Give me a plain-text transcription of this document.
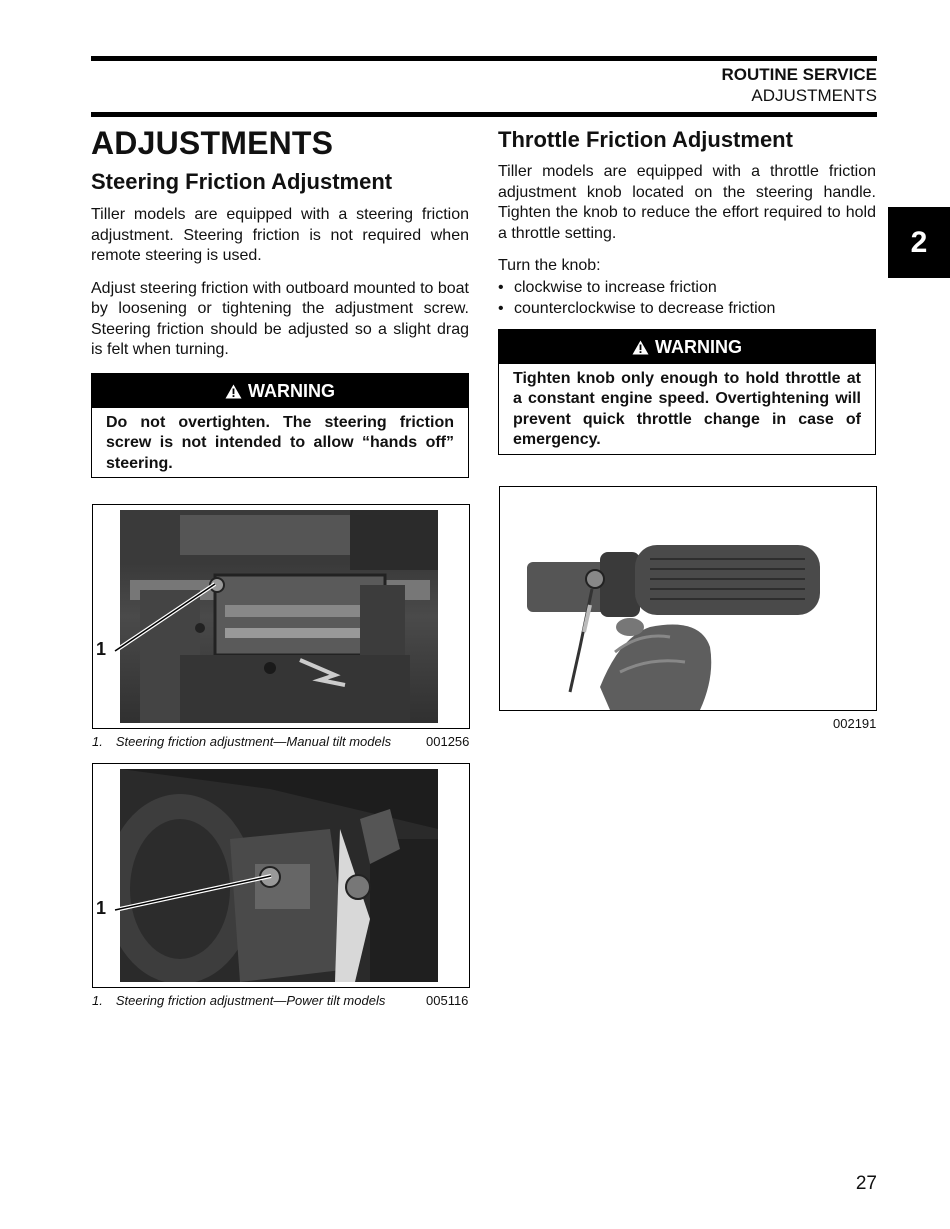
ROUTINE SERVICE
ADJUSTMENTS
2
ADJUSTMENTS
Steering Friction Adjustment

Tiller models are equipped with a steering friction adjustment. Steering friction is not required when remote steering is used.

Adjust steering friction with outboard mounted to boat by loosening or tightening the adjustment screw. Steering friction should be adjusted so a slight drag is felt when turning.

WARNING
Do not overtighten. The steering friction screw is not intended to allow “hands off” steering.
Throttle Friction Adjustment

Tiller models are equipped with a throttle friction adjustment knob located on the steering handle. Tighten the knob to reduce the effort required to hold a throttle setting.

Turn the knob:

• clockwise to increase friction
• counterclockwise to decrease friction
WARNING
Tighten knob only enough to hold throttle at a constant engine speed. Overtightening will prevent quick throttle change in case of emergency.
1
1. Steering friction adjustment—Manual tilt models	001256
1
1. Steering friction adjustment—Power tilt models	005116
002191
27
